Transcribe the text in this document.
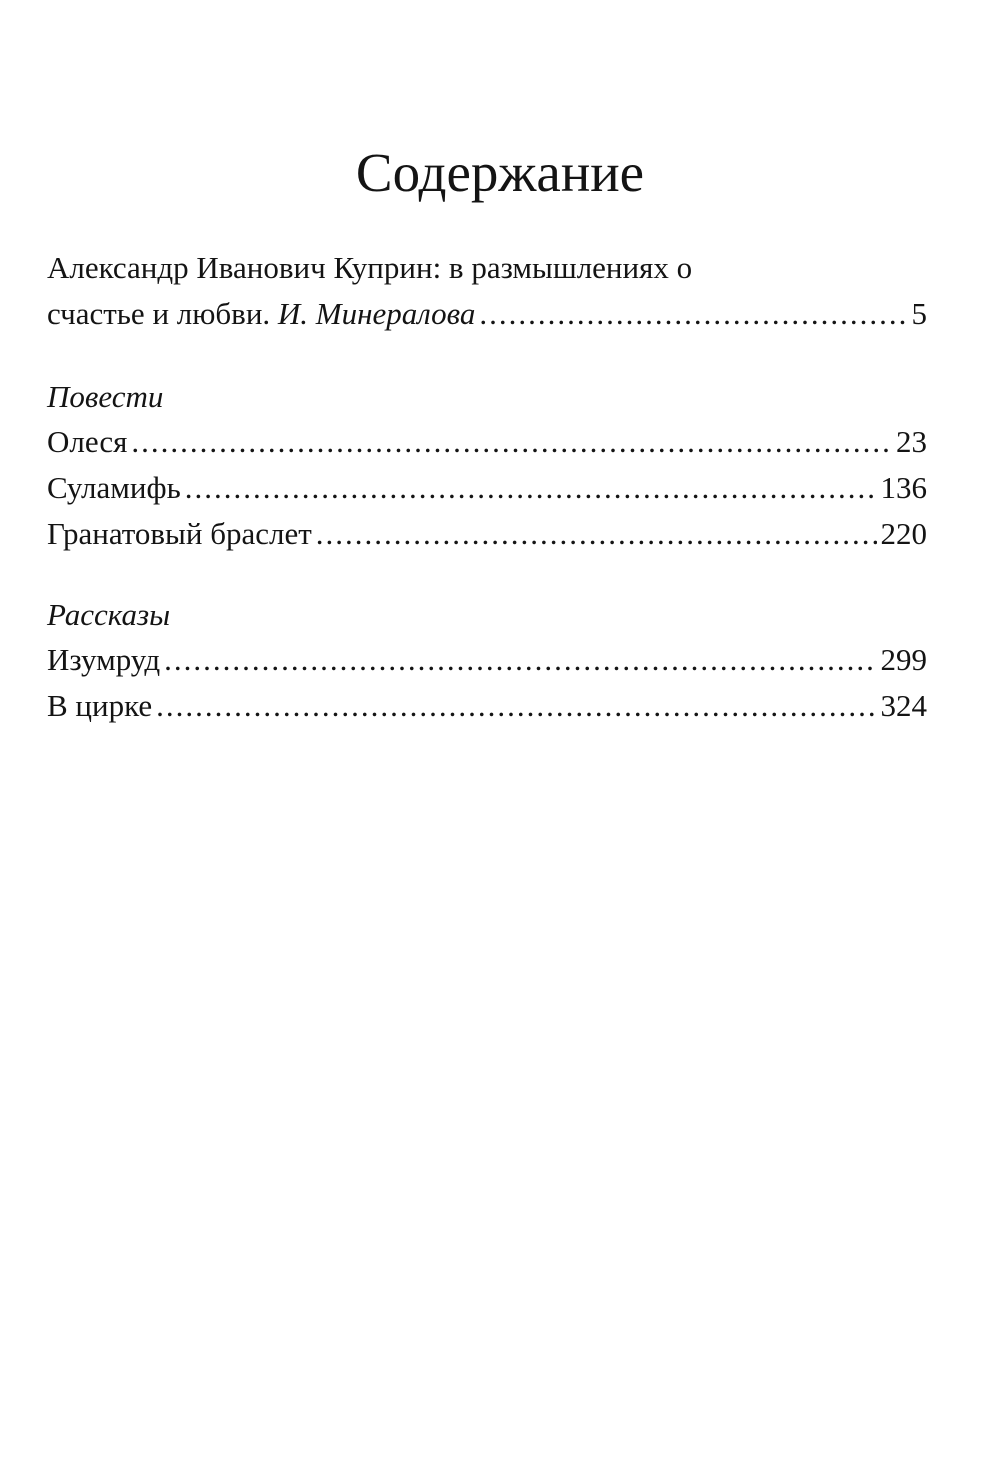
Содержание
Александр Иванович Куприн: в размышлениях о
счастье и любви. И. Минералова .....	5
Повести
Олеся .....	23
Суламифь .....	136
Гранатовый браслет .....	220
Рассказы
Изумруд .....	299
В цирке .....	324
